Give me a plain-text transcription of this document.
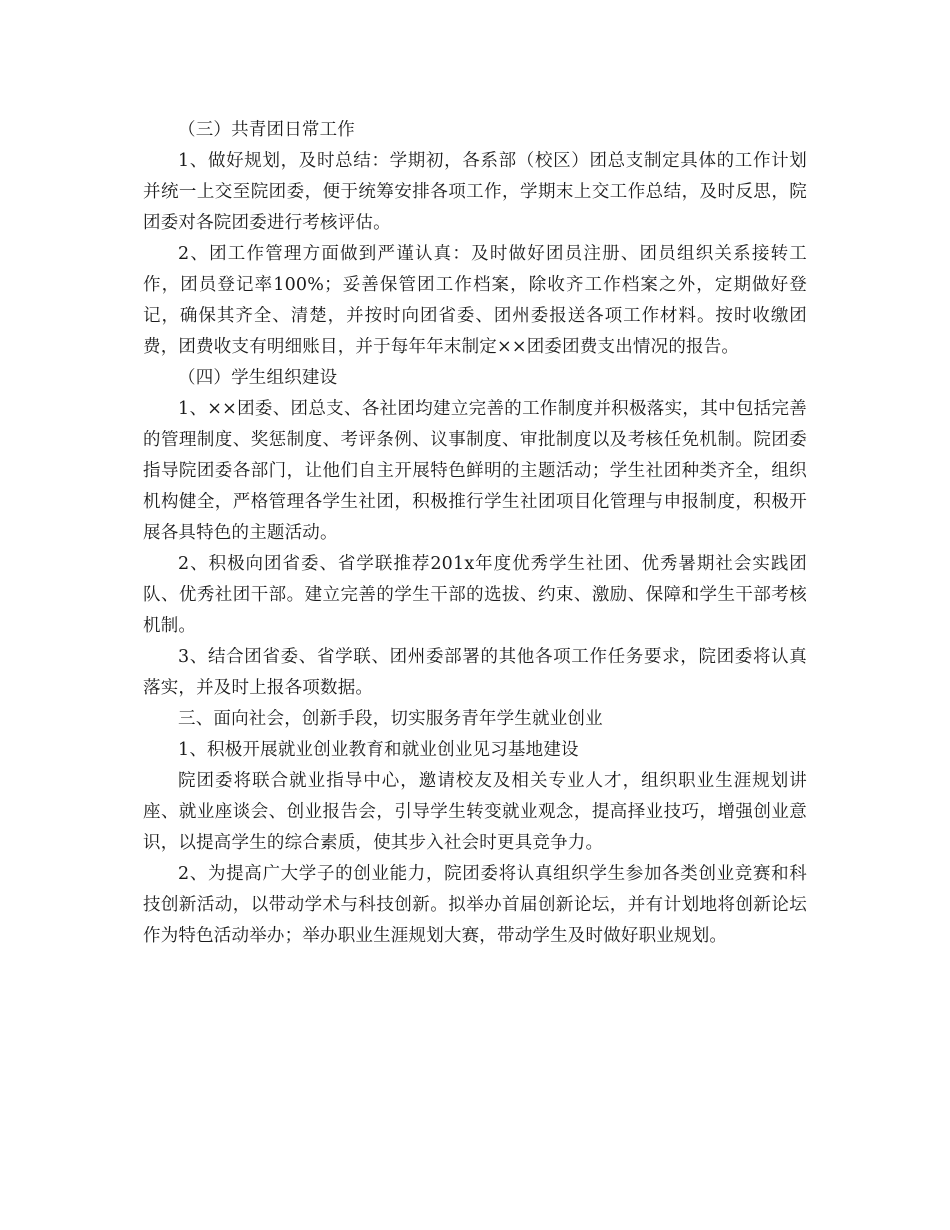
（三）共青团日常工作

1、做好规划，及时总结：学期初，各系部（校区）团总支制定具体的工作计划并统一上交至院团委，便于统筹安排各项工作，学期末上交工作总结，及时反思，院团委对各院团委进行考核评估。

2、团工作管理方面做到严谨认真：及时做好团员注册、团员组织关系接转工作，团员登记率100%；妥善保管团工作档案，除收齐工作档案之外，定期做好登记，确保其齐全、清楚，并按时向团省委、团州委报送各项工作材料。按时收缴团费，团费收支有明细账目，并于每年年末制定××团委团费支出情况的报告。

（四）学生组织建设

1、××团委、团总支、各社团均建立完善的工作制度并积极落实，其中包括完善的管理制度、奖惩制度、考评条例、议事制度、审批制度以及考核任免机制。院团委指导院团委各部门，让他们自主开展特色鲜明的主题活动；学生社团种类齐全，组织机构健全，严格管理各学生社团，积极推行学生社团项目化管理与申报制度，积极开展各具特色的主题活动。

2、积极向团省委、省学联推荐201x年度优秀学生社团、优秀暑期社会实践团队、优秀社团干部。建立完善的学生干部的选拔、约束、激励、保障和学生干部考核机制。

3、结合团省委、省学联、团州委部署的其他各项工作任务要求，院团委将认真落实，并及时上报各项数据。

三、面向社会，创新手段，切实服务青年学生就业创业

1、积极开展就业创业教育和就业创业见习基地建设

院团委将联合就业指导中心，邀请校友及相关专业人才，组织职业生涯规划讲座、就业座谈会、创业报告会，引导学生转变就业观念，提高择业技巧，增强创业意识，以提高学生的综合素质，使其步入社会时更具竞争力。

2、为提高广大学子的创业能力，院团委将认真组织学生参加各类创业竞赛和科技创新活动，以带动学术与科技创新。拟举办首届创新论坛，并有计划地将创新论坛作为特色活动举办；举办职业生涯规划大赛，带动学生及时做好职业规划。
